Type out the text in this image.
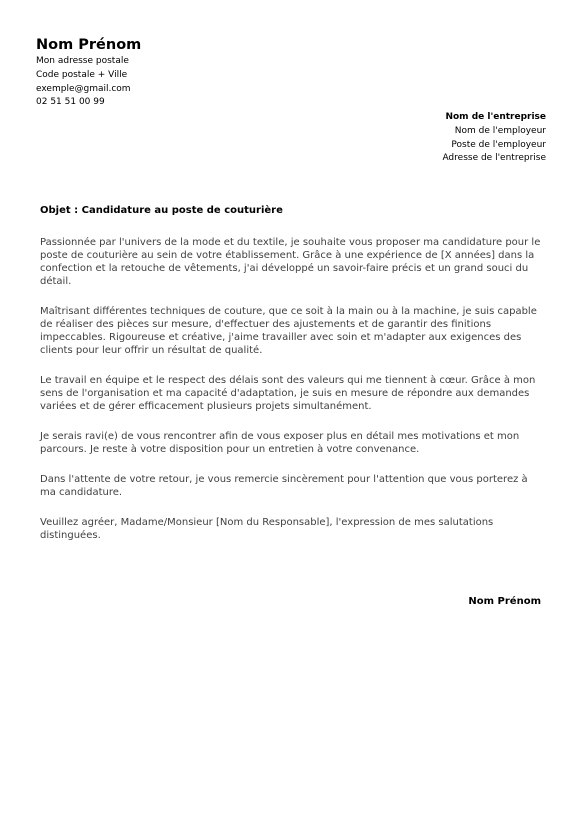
Nom Prénom
Mon adresse postale
Code postale + Ville
exemple@gmail.com
02 51 51 00 99
Nom de l'entreprise
Nom de l'employeur
Poste de l'employeur
Adresse de l'entreprise
Objet : Candidature au poste de couturière

Passionnée par l'univers de la mode et du textile, je souhaite vous proposer ma candidature pour le poste de couturière au sein de votre établissement. Grâce à une expérience de [X années] dans la confection et la retouche de vêtements, j'ai développé un savoir-faire précis et un grand souci du détail.

Maîtrisant différentes techniques de couture, que ce soit à la main ou à la machine, je suis capable de réaliser des pièces sur mesure, d'effectuer des ajustements et de garantir des finitions impeccables. Rigoureuse et créative, j'aime travailler avec soin et m'adapter aux exigences des clients pour leur offrir un résultat de qualité.

Le travail en équipe et le respect des délais sont des valeurs qui me tiennent à cœur. Grâce à mon sens de l'organisation et ma capacité d'adaptation, je suis en mesure de répondre aux demandes variées et de gérer efficacement plusieurs projets simultanément.

Je serais ravi(e) de vous rencontrer afin de vous exposer plus en détail mes motivations et mon parcours. Je reste à votre disposition pour un entretien à votre convenance.

Dans l'attente de votre retour, je vous remercie sincèrement pour l'attention que vous porterez à ma candidature.

Veuillez agréer, Madame/Monsieur [Nom du Responsable], l'expression de mes salutations distinguées.

Nom Prénom
